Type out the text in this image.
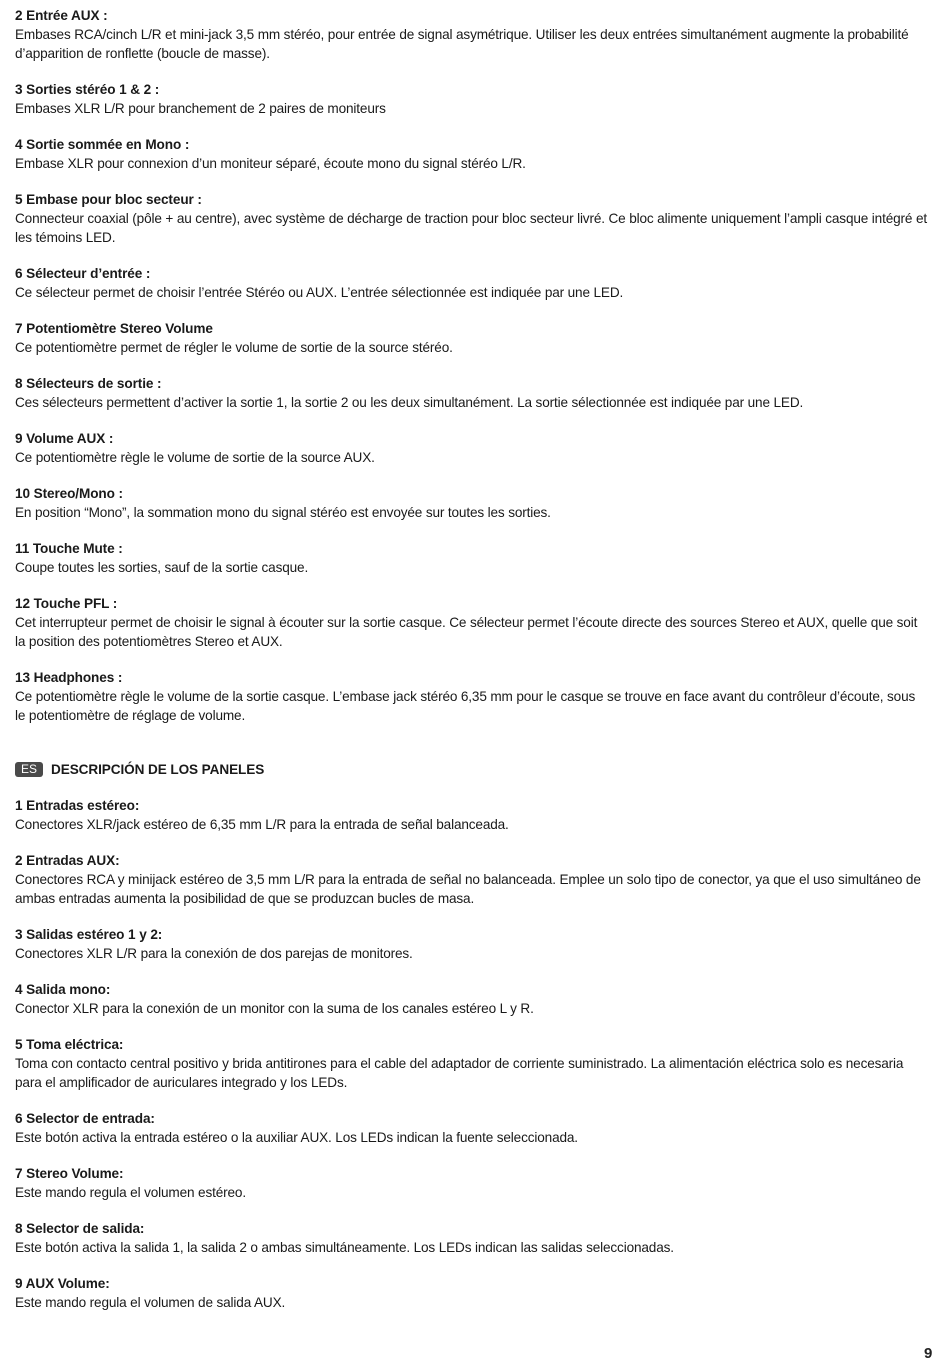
2 Entrée AUX :

Embases RCA/cinch L/R et mini-jack 3,5 mm stéréo, pour entrée de signal asymétrique. Utiliser les deux entrées simultanément augmente la probabilité d’apparition de ronflette (boucle de masse).

3 Sorties stéréo 1 & 2 :

Embases XLR L/R pour branchement de 2 paires de moniteurs

4 Sortie sommée en Mono :

Embase XLR pour connexion d’un moniteur séparé, écoute mono du signal stéréo L/R.

5 Embase pour bloc secteur :

Connecteur coaxial (pôle + au centre), avec système de décharge de traction pour bloc secteur livré. Ce bloc alimente uniquement l’ampli casque intégré et les témoins LED.

6 Sélecteur d’entrée :

Ce sélecteur permet de choisir l’entrée Stéréo ou AUX. L’entrée sélectionnée est indiquée par une LED.

7 Potentiomètre Stereo Volume

Ce potentiomètre permet de régler le volume de sortie de la source stéréo.

8 Sélecteurs de sortie :

Ces sélecteurs permettent d’activer la sortie 1, la sortie 2 ou les deux simultanément. La sortie sélectionnée est indiquée par une LED.

9 Volume AUX :

Ce potentiomètre règle le volume de sortie de la source AUX.

10 Stereo/Mono :

En position “Mono”, la sommation mono du signal stéréo est envoyée sur toutes les sorties.

11 Touche Mute :

Coupe toutes les sorties, sauf de la sortie casque.

12 Touche PFL :

Cet interrupteur permet de choisir le signal à écouter sur la sortie casque. Ce sélecteur permet l’écoute directe des sources Stereo et AUX, quelle que soit la position des potentiomètres Stereo et AUX.

13 Headphones :

Ce potentiomètre règle le volume de la sortie casque. L’embase jack stéréo 6,35 mm pour le casque se trouve en face avant du contrôleur d’écoute, sous le potentiomètre de réglage de volume.

ES	DESCRIPCIÓN DE LOS PANELES

1 Entradas estéreo:

Conectores XLR/jack estéreo de 6,35 mm L/R para la entrada de señal balanceada.

2 Entradas AUX:

Conectores RCA y minijack estéreo de 3,5 mm L/R para la entrada de señal no balanceada. Emplee un solo tipo de conector, ya que el uso simultáneo de ambas entradas aumenta la posibilidad de que se produzcan bucles de masa.

3 Salidas estéreo 1 y 2:

Conectores XLR L/R para la conexión de dos parejas de monitores.

4 Salida mono:

Conector XLR para la conexión de un monitor con la suma de los canales estéreo L y R.

5 Toma eléctrica:

Toma con contacto central positivo y brida antitirones para el cable del adaptador de corriente suministrado. La alimentación eléctrica solo es necesaria para el amplificador de auriculares integrado y los LEDs.

6 Selector de entrada:

Este botón activa la entrada estéreo o la auxiliar AUX. Los LEDs indican la fuente seleccionada.

7 Stereo Volume:

Este mando regula el volumen estéreo.

8 Selector de salida:

Este botón activa la salida 1, la salida 2 o ambas simultáneamente. Los LEDs indican las salidas seleccionadas.

9 AUX Volume:

Este mando regula el volumen de salida AUX.

9
